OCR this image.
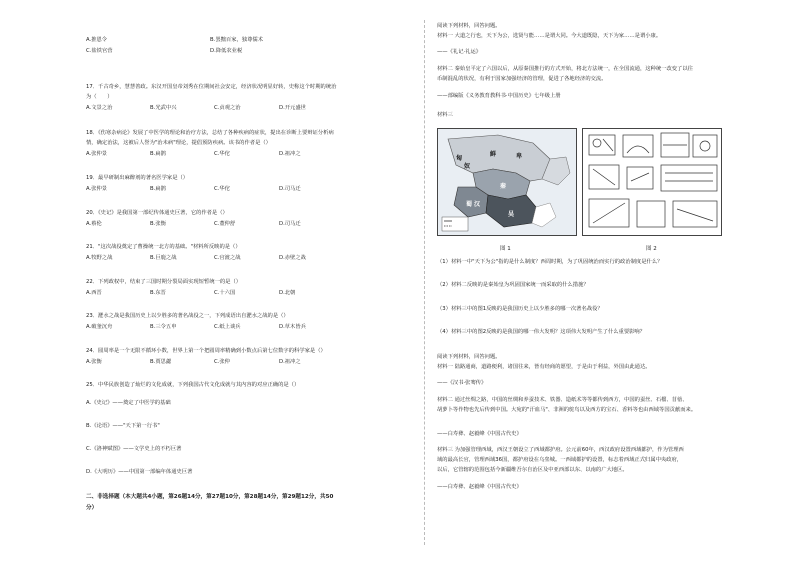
A.推恩令	B.罢黜百家，独尊儒术
C.盐铁官营	D.降低农业税
17．千古奇乡，慧慧善政。东汉开国皇帝刘秀在位期间社会安定，经济状况明显好转，史称这个时期的统治
为（　　）
A.文景之治	B.光武中兴	C.贞观之治	D.开元盛世
18．《伤寒杂病论》发展了中医学的理论和治疗方法，总结了各种疾病的症状，提出在诊断上要辩证分析病
情，确定治法，这被后人誉为"治未病"理论，提倡预防疾病。该书的作者是（）
A.张仲景	B.扁鹊	C.华佗	D.祖冲之
19．最早研制出麻醉剂的著名医学家是（）
A.张仲景	B.扁鹊	C.华佗	D.司马迁
20．《史记》是我国第一部纪传体通史巨著，它的作者是（）
A.蔡伦	B.张衡	C.董仲舒	D.司马迁
21．"这次战役奠定了曹操统一北方的基础。"材料所反映的是（）
A.牧野之战	B.巨鹿之战	C.官渡之战	D.赤壁之战
22．下列政权中，结束了三国时期分裂局面实现短暂统一的是（）
A.西晋	B.东晋	C.十六国	D.北朝
23．淝水之战是我国历史上以少胜多的著名战役之一，下列成语出自淝水之战的是（）
A.破釜沉舟	B.三令五申	C.纸上谈兵	D.草木皆兵
24．圆周率是一个无限不循环小数，世界上第一个把圆周率精确到小数点后第七位数字的科学家是（）
A.张衡	B.贾思勰	C.张仲	D.祖冲之
25．中华民族创造了灿烂的文化成就，下列我国古代文化成就与其内容的对应正确的是（）
A.《史记》——奠定了中医学的基础
B.《论语》——"天下第一行书"
C.《洛神赋图》——文学史上的不朽巨著
D.《大明历》——中国第一部编年体通史巨著
二、非选择题（本大题共4小题，第26题14分，第27题10分，第28题14分，第29题12分，共50
分）
阅读下列材料，回答问题。
材料一 大道之行也，天下为公，选贤与能……是谓大同。今大道既隐，天下为家……是谓小康。
——《礼记·礼运》
材料二 秦始皇平定了六国以后，从原秦国推行的方式开始，将北方法统一，在全国流通，这种统一改变了以往
币制混乱的状况，有利于国家加强经济的管理，促进了各地经济的交流。
——部编版《义务教育教科书·中国历史》七年级上册
材料三
鲜	卑
匈
奴
秦
蜀 汉
吴
图 1	图 2
（1）材料一中"天下为公"指的是什么制度？西周时期，为了巩固统治而实行的政治制度是什么？
（2）材料二反映的是秦始皇为巩固国家统一而采取的什么措施？
（3）材料三中的图1反映的是我国历史上以少胜多的哪一次著名战役？
（4）材料三中的图2反映的是我国的哪一伟大发明？这项伟大发明产生了什么重要影响？
阅读下列材料，回答问题。
材料一 陆路通商，道路便利，诸国往来，皆有经商的愿望，于是由于利益，外国由此通达。
——《汉书·张骞传》
材料二 通过丝绸之路，中国的丝绸和养蚕技术、铁器、造纸术等等都传到西方，中国的蚕丝、石榴、苜蓿、
胡萝卜等作物也先后传到中国。大宛的"汗血马"、非洲的鸵鸟以及西方的宝石、香料等也由西域等国贡献而来。
——白寿彝、赵毅峰《中国古代史》
材料三 为加强管理西域，西汉王朝设立了西域都护府。公元前60年，西汉政府设置西域都护，作为管理西
域的最高长官，管理西域36国，都护府设在乌垒城。一西域都护的设置，标志着西域正式归属中央政府，
以后，它管辖的范围包括今新疆维吾尔自治区及中亚西部以东、以南的广大地区。
——白寿彝、赵毅峰《中国古代史》
